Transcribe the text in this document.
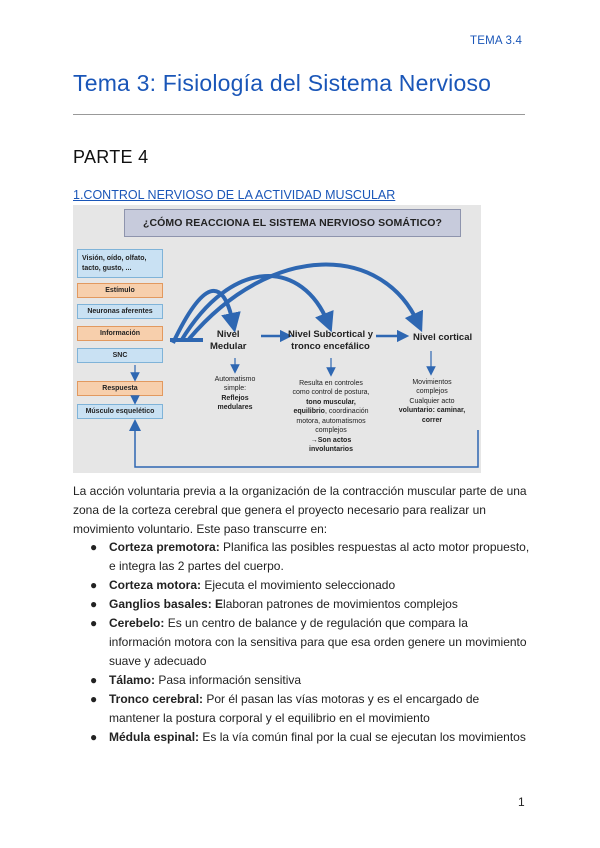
TEMA 3.4
Tema 3: Fisiología del Sistema Nervioso
PARTE 4
1.CONTROL NERVIOSO DE LA ACTIVIDAD MUSCULAR
¿CÓMO REACCIONA EL SISTEMA NERVIOSO SOMÁTICO?
Visión, oído, olfato, tacto, gusto, ...
Estímulo
Neuronas aferentes
Información
SNC
Respuesta
Músculo esquelético
Nivel
Medular
Nivel Subcortical y
tronco encefálico
Nivel cortical
Automatismo
simple:
Reflejos
medulares
Resulta en controles
como control de postura,
tono muscular,
equilibrio, coordinación
motora, automatismos
complejos
→Son actos
involuntarios
Movimientos
complejos
Cualquier acto
voluntario: caminar,
correr
La acción voluntaria previa a la organización de la contracción muscular parte de una zona de la corteza cerebral que genera el proyecto necesario para realizar un movimiento voluntario. Este paso transcurre en:
● Corteza premotora: Planifica las posibles respuestas al acto motor propuesto, e integra las 2 partes del cuerpo.
● Corteza motora: Ejecuta el movimiento seleccionado
● Ganglios basales: Elaboran patrones de movimientos complejos
● Cerebelo: Es un centro de balance y de regulación que compara la información motora con la sensitiva para que esa orden genere un movimiento suave y adecuado
● Tálamo: Pasa información sensitiva
● Tronco cerebral: Por él pasan las vías motoras y es el encargado de mantener la postura corporal y el equilibrio en el movimiento
● Médula espinal: Es la vía común final por la cual se ejecutan los movimientos
1
